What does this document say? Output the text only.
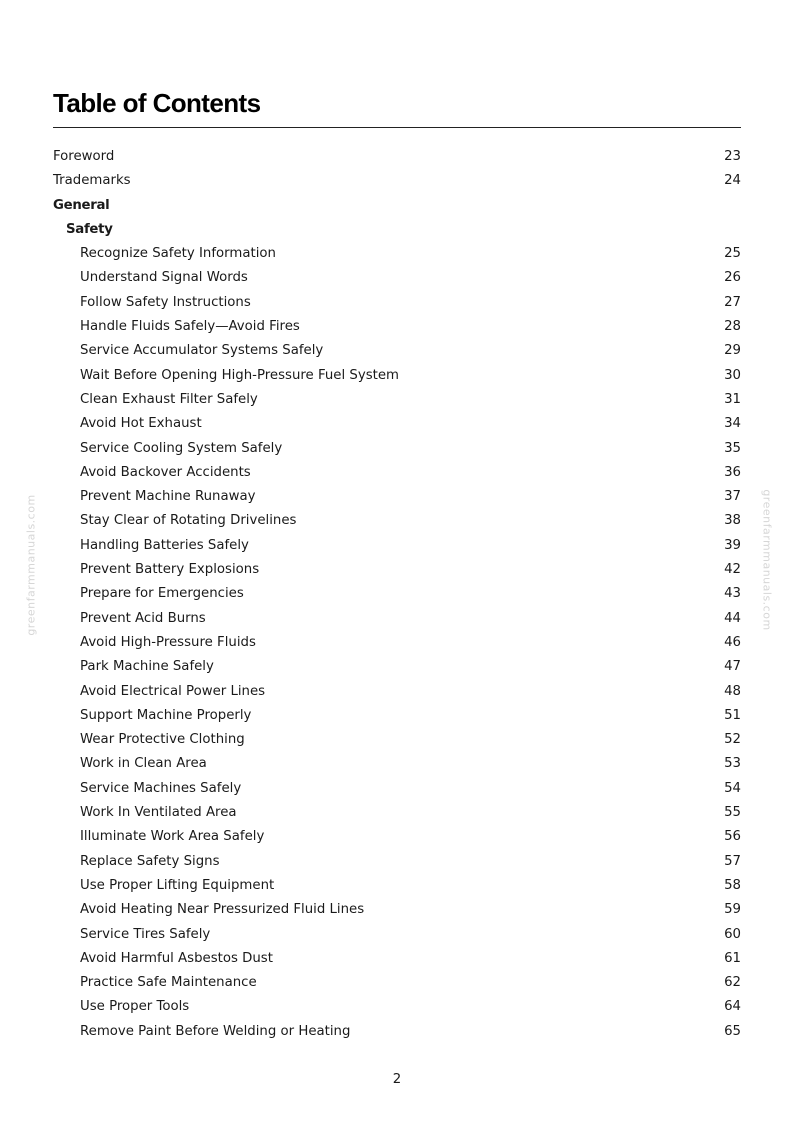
greenfarmmanuals.com	greenfarmmanuals.com
Table of Contents
Foreword	23
Trademarks	24
General
Safety
Recognize Safety Information	25
Understand Signal Words	26
Follow Safety Instructions	27
Handle Fluids Safely—Avoid Fires	28
Service Accumulator Systems Safely	29
Wait Before Opening High-Pressure Fuel System	30
Clean Exhaust Filter Safely	31
Avoid Hot Exhaust	34
Service Cooling System Safely	35
Avoid Backover Accidents	36
Prevent Machine Runaway	37
Stay Clear of Rotating Drivelines	38
Handling Batteries Safely	39
Prevent Battery Explosions	42
Prepare for Emergencies	43
Prevent Acid Burns	44
Avoid High-Pressure Fluids	46
Park Machine Safely	47
Avoid Electrical Power Lines	48
Support Machine Properly	51
Wear Protective Clothing	52
Work in Clean Area	53
Service Machines Safely	54
Work In Ventilated Area	55
Illuminate Work Area Safely	56
Replace Safety Signs	57
Use Proper Lifting Equipment	58
Avoid Heating Near Pressurized Fluid Lines	59
Service Tires Safely	60
Avoid Harmful Asbestos Dust	61
Practice Safe Maintenance	62
Use Proper Tools	64
Remove Paint Before Welding or Heating	65
2
